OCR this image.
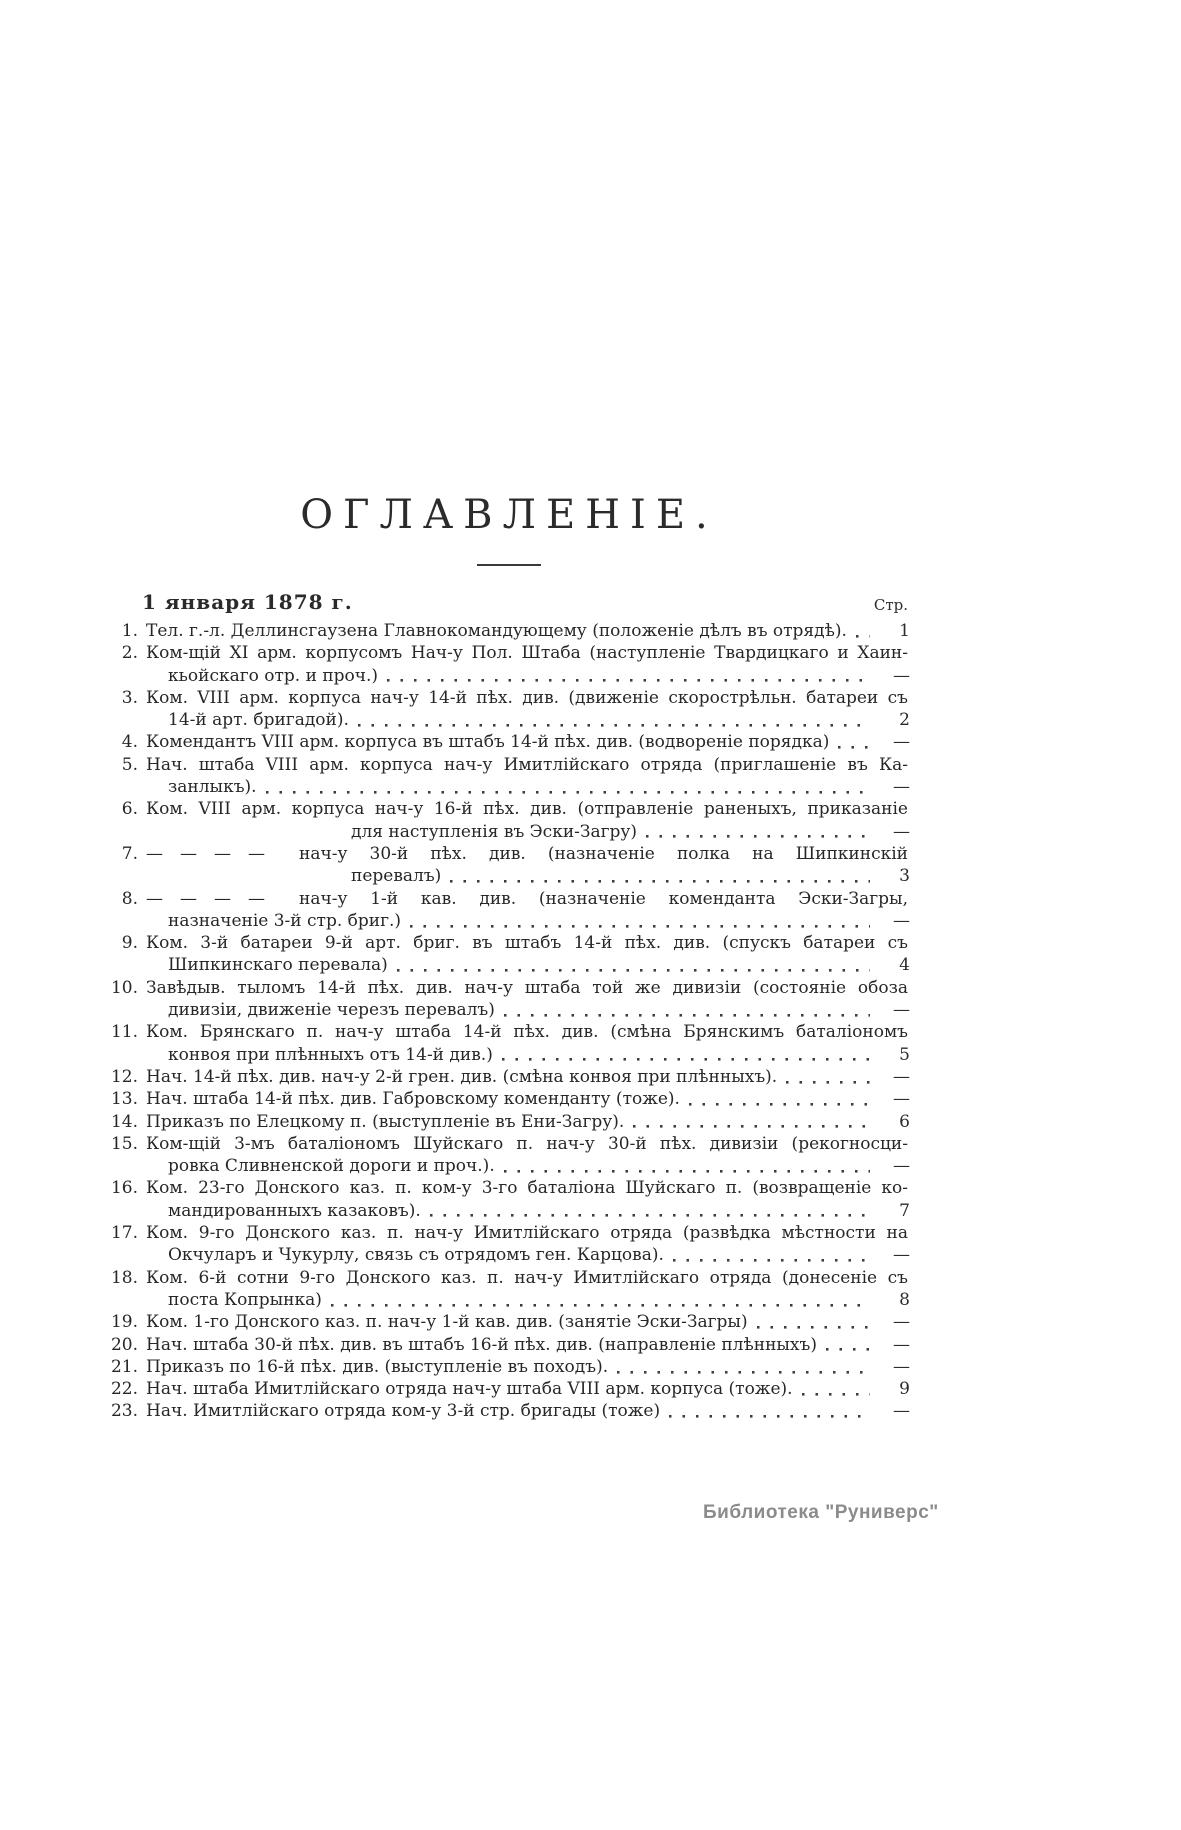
ОГЛАВЛЕНІЕ.
1 января 1878 г.	Стр.
1. Тел. г.-л. Деллинсгаузена Главнокомандующему (положеніе дѣлъ въ отрядѣ).	1
2. Ком-щій XI арм. корпусомъ Нач-у Пол. Штаба (наступленіе Твардицкаго и Хаин-
кьойскаго отр. и проч.)	—
3. Ком. VIII арм. корпуса нач-у 14-й пѣх. див. (движеніе скорострѣльн. батареи съ
14-й арт. бригадой).	2
4. Комендантъ VIII арм. корпуса въ штабъ 14-й пѣх. див. (водвореніе порядка)	—
5. Нач. штаба VIII арм. корпуса нач-у Имитлійскаго отряда (приглашеніе въ Ка-
занлыкъ).	—
6. Ком. VIII арм. корпуса нач-у 16-й пѣх. див. (отправленіе раненыхъ, приказаніе
для наступленія въ Эски-Загру)	—
7. — — — —  нач-у 30-й пѣх. див. (назначеніе полка на Шипкинскій
перевалъ)	3
8. — — — —  нач-у 1-й кав. див. (назначеніе коменданта Эски-Загры,
назначеніе 3-й стр. бриг.)	—
9. Ком. 3-й батареи 9-й арт. бриг. въ штабъ 14-й пѣх. див. (спускъ батареи съ
Шипкинскаго перевала)	4
10. Завѣдыв. тыломъ 14-й пѣх. див. нач-у штаба той же дивизіи (состояніе обоза
дивизіи, движеніе черезъ перевалъ)	—
11. Ком. Брянскаго п. нач-у штаба 14-й пѣх. див. (смѣна Брянскимъ баталіономъ
конвоя при плѣнныхъ отъ 14-й див.)	5
12. Нач. 14-й пѣх. див. нач-у 2-й грен. див. (смѣна конвоя при плѣнныхъ).	—
13. Нач. штаба 14-й пѣх. див. Габровскому коменданту (тоже).	—
14. Приказъ по Елецкому п. (выступленіе въ Ени-Загру).	6
15. Ком-щій 3-мъ баталіономъ Шуйскаго п. нач-у 30-й пѣх. дивизіи (рекогносци-
ровка Сливненской дороги и проч.).	—
16. Ком. 23-го Донского каз. п. ком-у 3-го баталіона Шуйскаго п. (возвращеніе ко-
мандированныхъ казаковъ).	7
17. Ком. 9-го Донского каз. п. нач-у Имитлійскаго отряда (развѣдка мѣстности на
Окчуларъ и Чукурлу, связь съ отрядомъ ген. Карцова).	—
18. Ком. 6-й сотни 9-го Донского каз. п. нач-у Имитлійскаго отряда (донесеніе съ
поста Копрынка)	8
19. Ком. 1-го Донского каз. п. нач-у 1-й кав. див. (занятіе Эски-Загры)	—
20. Нач. штаба 30-й пѣх. див. въ штабъ 16-й пѣх. див. (направленіе плѣнныхъ)	—
21. Приказъ по 16-й пѣх. див. (выступленіе въ походъ).	—
22. Нач. штаба Имитлійскаго отряда нач-у штаба VIII арм. корпуса (тоже).	9
23. Нач. Имитлійскаго отряда ком-у 3-й стр. бригады (тоже)	—
Библиотека "Руниверс"
